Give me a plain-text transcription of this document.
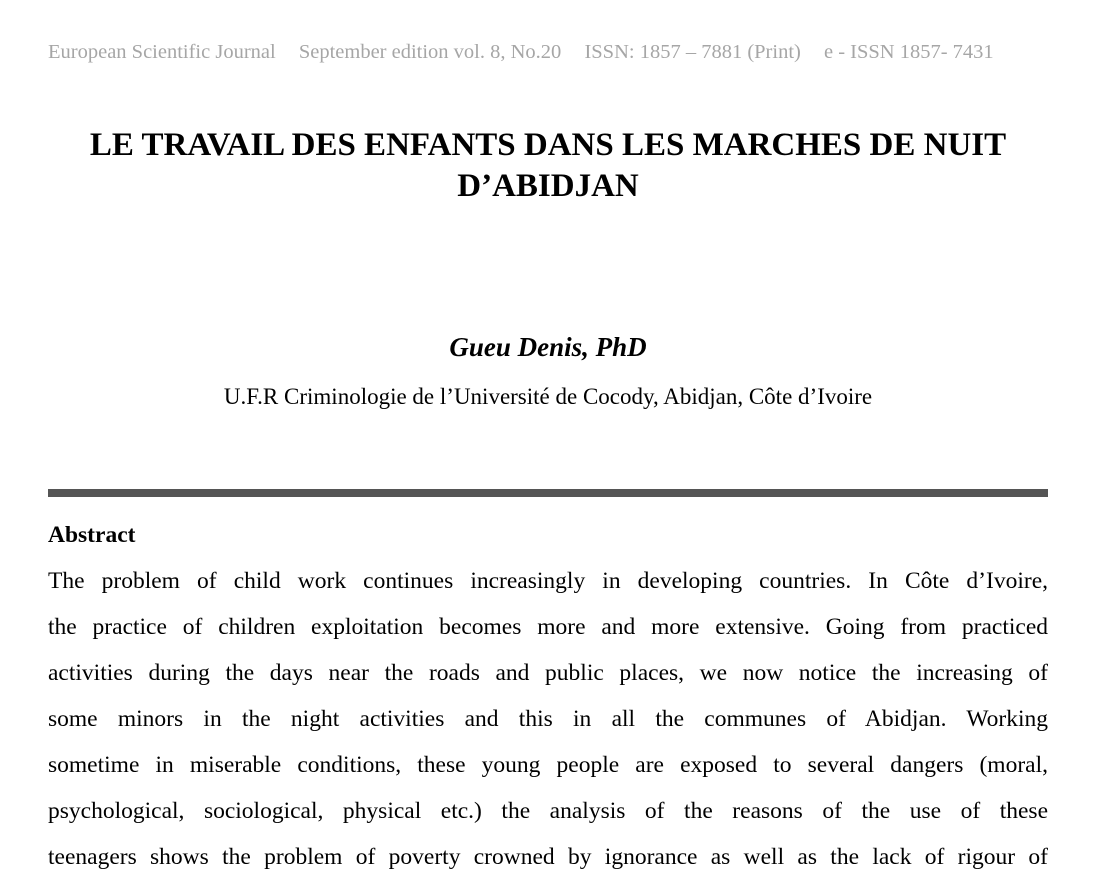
European Scientific Journal September edition vol. 8, No.20 ISSN: 1857 – 7881 (Print) e - ISSN 1857- 7431
LE TRAVAIL DES ENFANTS DANS LES MARCHES DE NUIT
D’ABIDJAN
Gueu Denis, PhD
U.F.R Criminologie de l’Université de Cocody, Abidjan, Côte d’Ivoire
Abstract
The problem of child work continues increasingly in developing countries. In Côte d’Ivoire,
the practice of children exploitation becomes more and more extensive. Going from practiced
activities during the days near the roads and public places, we now notice the increasing of
some minors in the night activities and this in all the communes of Abidjan. Working
sometime in miserable conditions, these young people are exposed to several dangers (moral,
psychological, sociological, physical etc.) the analysis of the reasons of the use of these
teenagers shows the problem of poverty crowned by ignorance as well as the lack of rigour of
